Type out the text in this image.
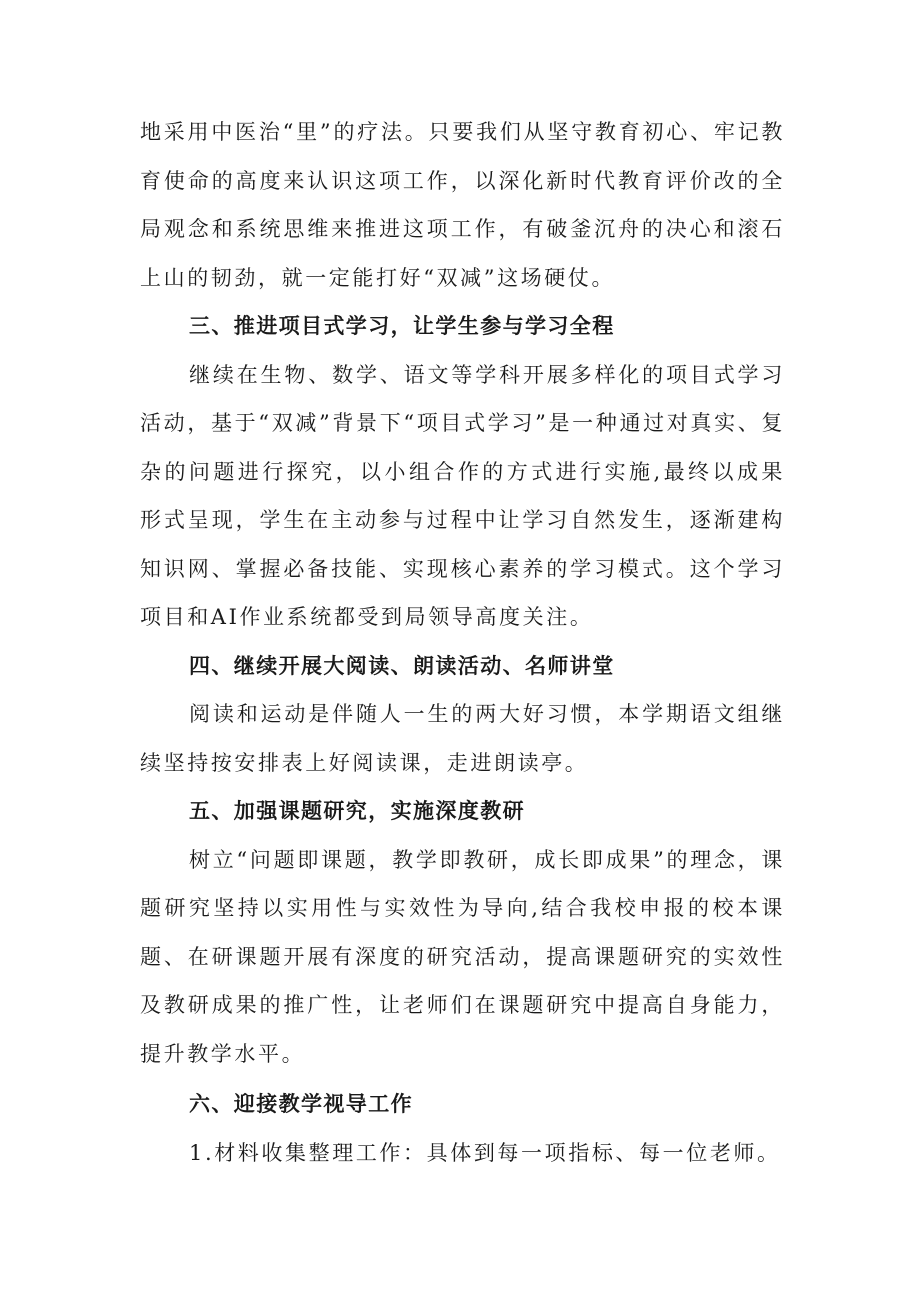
地采用中医治“里”的疗法。只要我们从坚守教育初心、牢记教育使命的高度来认识这项工作，以深化新时代教育评价改的全局观念和系统思维来推进这项工作，有破釜沉舟的决心和滚石上山的韧劲，就一定能打好“双减”这场硬仗。

三、推进项目式学习，让学生参与学习全程

继续在生物、数学、语文等学科开展多样化的项目式学习活动，基于“双减”背景下“项目式学习”是一种通过对真实、复杂的问题进行探究，以小组合作的方式进行实施,最终以成果形式呈现，学生在主动参与过程中让学习自然发生，逐渐建构知识网、掌握必备技能、实现核心素养的学习模式。这个学习项目和AI作业系统都受到局领导高度关注。

四、继续开展大阅读、朗读活动、名师讲堂

阅读和运动是伴随人一生的两大好习惯，本学期语文组继续坚持按安排表上好阅读课，走进朗读亭。

五、加强课题研究，实施深度教研

树立“问题即课题，教学即教研，成长即成果”的理念，课题研究坚持以实用性与实效性为导向,结合我校申报的校本课题、在研课题开展有深度的研究活动，提高课题研究的实效性及教研成果的推广性，让老师们在课题研究中提高自身能力，提升教学水平。

六、迎接教学视导工作

1.材料收集整理工作：具体到每一项指标、每一位老师。
